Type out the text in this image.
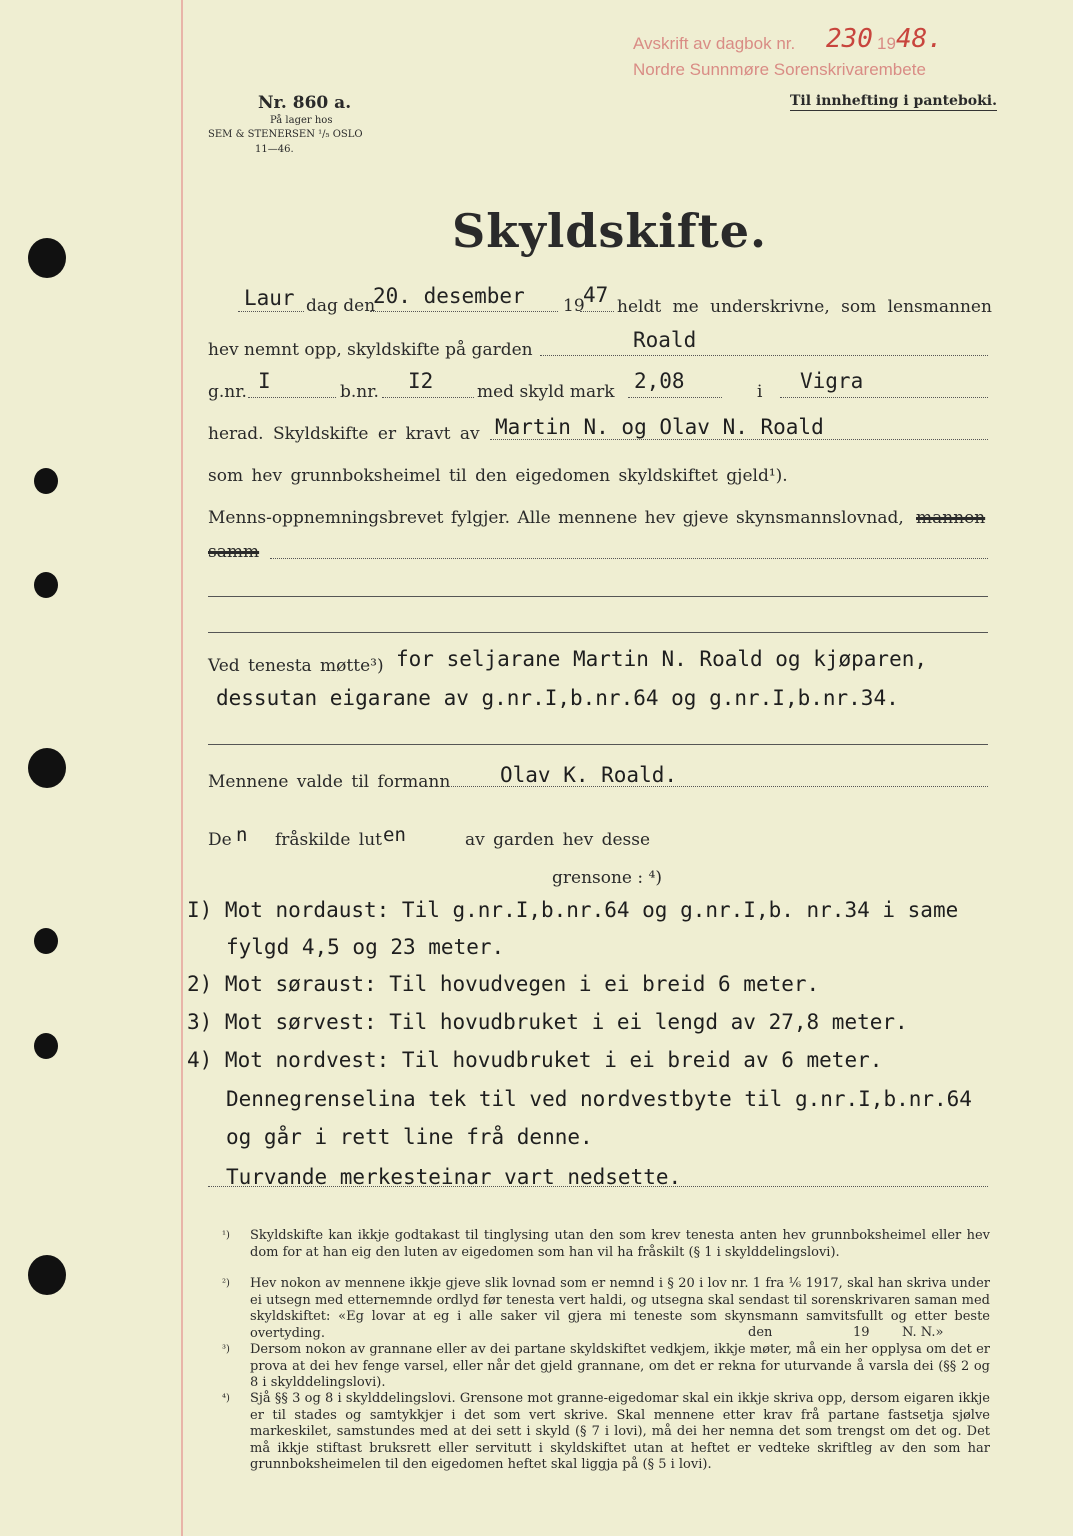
Avskrift av dagbok nr. 230 19 48.
Nordre Sunnmøre Sorenskrivarembete
Nr. 860 a.
På lager hos
SEM & STENERSEN ¹/₅ OSLO
11—46.
Til innhefting i panteboki.
Skyldskifte.
Laur dag den
20. desember 19
47 heldt me underskrivne, som lensmannen
hev nemnt opp, skyldskifte på garden	Roald
g.nr. I	b.nr. I2	med skyld mark 2,08	i Vigra
herad. Skyldskifte er kravt av Martin N. og Olav N. Roald
som hev grunnboksheimel til den eigedomen skyldskiftet gjeld¹).
Menns-oppnemningsbrevet fylgjer. Alle mennene hev gjeve skynsmannslovnad, mannen
samm
Ved tenesta møtte³) for seljarane Martin N. Roald og kjøparen,
dessutan eigarane av g.nr.I,b.nr.64 og g.nr.I,b.nr.34.
Mennene valde til formann Olav K. Roald.
De n fråskilde lut en	av garden hev desse
grensone : ⁴)
I) Mot nordaust: Til g.nr.I,b.nr.64 og g.nr.I,b. nr.34 i same
fylgd 4,5 og 23 meter.
2) Mot søraust: Til hovudvegen i ei breid 6 meter.
3) Mot sørvest: Til hovudbruket i ei lengd av 27,8 meter.
4) Mot nordvest: Til hovudbruket i ei breid av 6 meter.
Dennegrenselina tek til ved nordvestbyte til g.nr.I,b.nr.64
og går i rett line frå denne.
Turvande merkesteinar vart nedsette.
¹) Skyldskifte kan ikkje godtakast til tinglysing utan den som krev tenesta anten hev grunnboksheimel eller hev dom for at han eig den luten av eigedomen som han vil ha fråskilt (§ 1 i skylddelingslovi).
²) Hev nokon av mennene ikkje gjeve slik lovnad som er nemnd i § 20 i lov nr. 1 fra ⅙ 1917, skal han skriva under ei utsegn med etternemnde ordlyd før tenesta vert haldi, og utsegna skal sendast til sorenskrivaren saman med skyldskiftet: «Eg lovar at eg i alle saker vil gjera mi teneste som skynsmann samvitsfullt og etter beste overtyding.	den	19 N. N.»
³) Dersom nokon av grannane eller av dei partane skyldskiftet vedkjem, ikkje møter, må ein her opplysa om det er prova at dei hev fenge varsel, eller når det gjeld grannane, om det er rekna for uturvande å varsla dei (§§ 2 og 8 i skylddelingslovi).
⁴) Sjå §§ 3 og 8 i skylddelingslovi. Grensone mot granne-eigedomar skal ein ikkje skriva opp, dersom eigaren ikkje er til stades og samtykkjer i det som vert skrive. Skal mennene etter krav frå partane fastsetja sjølve markeskilet, samstundes med at dei sett i skyld (§ 7 i lovi), må dei her nemna det som trengst om det og. Det må ikkje stiftast bruksrett eller servitutt i skyldskiftet utan at heftet er vedteke skriftleg av den som har grunnboksheimelen til den eigedomen heftet skal liggja på (§ 5 i lovi).
